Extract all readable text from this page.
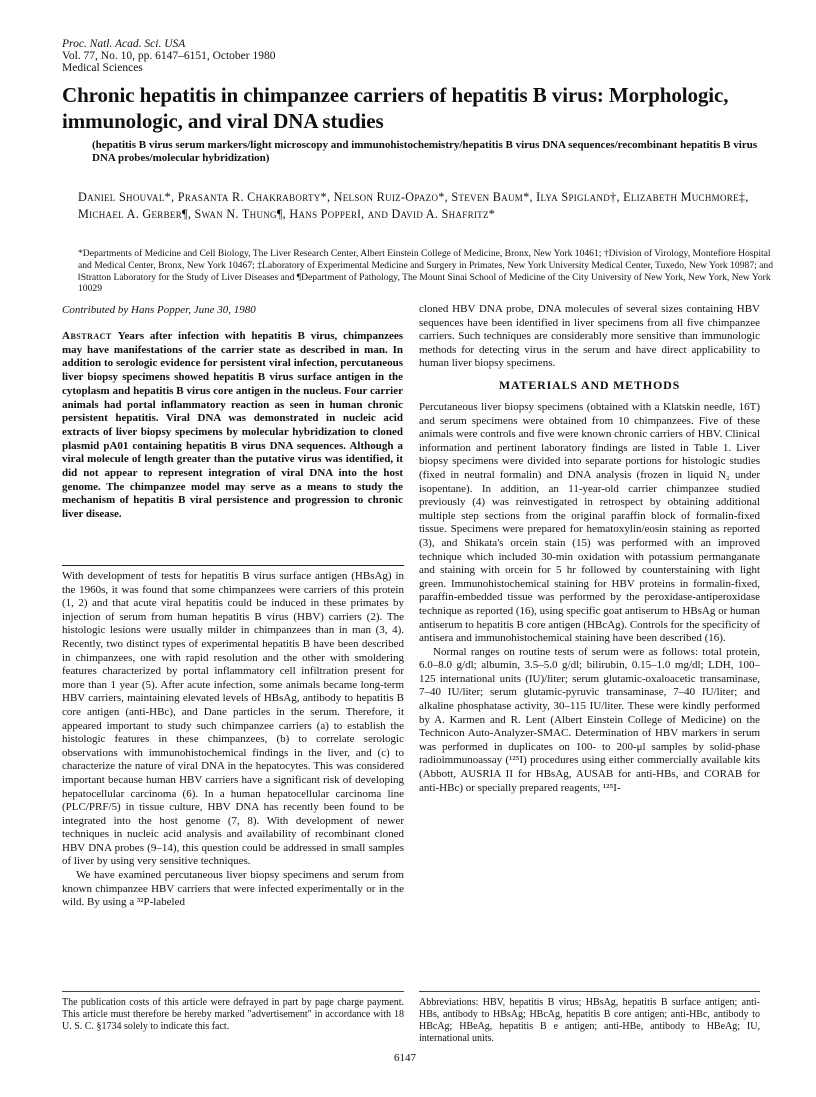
Proc. Natl. Acad. Sci. USA
Vol. 77, No. 10, pp. 6147–6151, October 1980
Medical Sciences
Chronic hepatitis in chimpanzee carriers of hepatitis B virus: Morphologic, immunologic, and viral DNA studies
(hepatitis B virus serum markers/light microscopy and immunohistochemistry/hepatitis B virus DNA sequences/recombinant hepatitis B virus DNA probes/molecular hybridization)
Daniel Shouval*, Prasanta R. Chakraborty*, Nelson Ruiz-Opazo*, Steven Baum*, Ilya Spigland†, Elizabeth Muchmore‡, Michael A. Gerber¶, Swan N. Thung¶, Hans Popper‖, and David A. Shafritz*
*Departments of Medicine and Cell Biology, The Liver Research Center, Albert Einstein College of Medicine, Bronx, New York 10461; †Division of Virology, Montefiore Hospital and Medical Center, Bronx, New York 10467; ‡Laboratory of Experimental Medicine and Surgery in Primates, New York University Medical Center, Tuxedo, New York 10987; and ‖Stratton Laboratory for the Study of Liver Diseases and ¶Department of Pathology, The Mount Sinai School of Medicine of the City University of New York, New York, New York 10029
Contributed by Hans Popper, June 30, 1980
Abstract Years after infection with hepatitis B virus, chimpanzees may have manifestations of the carrier state as described in man. In addition to serologic evidence for persistent viral infection, percutaneous liver biopsy specimens showed hepatitis B virus surface antigen in the cytoplasm and hepatitis B virus core antigen in the nucleus. Four carrier animals had portal inflammatory reaction as seen in human chronic persistent hepatitis. Viral DNA was demonstrated in nucleic acid extracts of liver biopsy specimens by molecular hybridization to cloned plasmid pA01 containing hepatitis B virus DNA sequences. Although a viral molecule of length greater than the putative virus was identified, it did not appear to represent integration of viral DNA into the host genome. The chimpanzee model may serve as a means to study the mechanism of hepatitis B viral persistence and progression to chronic liver disease.

With development of tests for hepatitis B virus surface antigen (HBsAg) in the 1960s, it was found that some chimpanzees were carriers of this protein (1, 2) and that acute viral hepatitis could be induced in these primates by injection of serum from human hepatitis B virus (HBV) carriers (2). The histologic lesions were usually milder in chimpanzees than in man (3, 4). Recently, two distinct types of experimental hepatitis B have been described in chimpanzees, one with rapid resolution and the other with smoldering features characterized by portal inflammatory cell infiltration present for more than 1 year (5). After acute infection, some animals became long-term HBV carriers, maintaining elevated levels of HBsAg, antibody to hepatitis B core antigen (anti-HBc), and Dane particles in the serum. Therefore, it appeared important to study such chimpanzee carriers (a) to establish the histologic features in these chimpanzees, (b) to correlate serologic observations with immunohistochemical findings in the liver, and (c) to characterize the nature of viral DNA in the hepatocytes. This was considered important because human HBV carriers have a significant risk of developing hepatocellular carcinoma (6). In a human hepatocellular carcinoma line (PLC/PRF/5) in tissue culture, HBV DNA has recently been found to be integrated into the host genome (7, 8). With development of newer techniques in nucleic acid analysis and availability of recombinant cloned HBV DNA probes (9–14), this question could be addressed in small samples of liver by using very sensitive techniques.

We have examined percutaneous liver biopsy specimens and serum from known chimpanzee HBV carriers that were infected experimentally or in the wild. By using a ³²P-labeled

cloned HBV DNA probe, DNA molecules of several sizes containing HBV sequences have been identified in liver specimens from all five chimpanzee carriers. Such techniques are considerably more sensitive than immunologic methods for detecting virus in the serum and have direct applicability to human liver biopsy specimens.

MATERIALS AND METHODS

Percutaneous liver biopsy specimens (obtained with a Klatskin needle, 16T) and serum specimens were obtained from 10 chimpanzees. Five of these animals were controls and five were known chronic carriers of HBV. Clinical information and pertinent laboratory findings are listed in Table 1. Liver biopsy specimens were divided into separate portions for histologic studies (fixed in neutral formalin) and DNA analysis (frozen in liquid N₂ under isopentane). In addition, an 11-year-old carrier chimpanzee studied previously (4) was reinvestigated in retrospect by obtaining additional multiple step sections from the original paraffin block of formalin-fixed tissue. Specimens were prepared for hematoxylin/eosin staining as reported (3), and Shikata's orcein stain (15) was performed with an improved technique which included 30-min oxidation with potassium permanganate and staining with orcein for 5 hr followed by counterstaining with light green. Immunohistochemical staining for HBV proteins in formalin-fixed, paraffin-embedded tissue was performed by the peroxidase-antiperoxidase technique as reported (16), using specific goat antiserum to HBsAg or human antiserum to hepatitis B core antigen (HBcAg). Controls for the specificity of antisera and immunohistochemical staining have been described (16).

Normal ranges on routine tests of serum were as follows: total protein, 6.0–8.0 g/dl; albumin, 3.5–5.0 g/dl; bilirubin, 0.15–1.0 mg/dl; LDH, 100–125 international units (IU)/liter; serum glutamic-oxaloacetic transaminase, 7–40 IU/liter; serum glutamic-pyruvic transaminase, 7–40 IU/liter; and alkaline phosphatase activity, 30–115 IU/liter. These were kindly performed by A. Karmen and R. Lent (Albert Einstein College of Medicine) on the Technicon Auto-Analyzer-SMAC. Determination of HBV markers in serum was performed in duplicates on 100- to 200-μl samples by solid-phase radioimmunoassay (¹²⁵I) procedures using either commercially available kits (Abbott, AUSRIA II for HBsAg, AUSAB for anti-HBs, and CORAB for anti-HBc) or specially prepared reagents, ¹²⁵I-

The publication costs of this article were defrayed in part by page charge payment. This article must therefore be hereby marked "advertisement" in accordance with 18 U. S. C. §1734 solely to indicate this fact.
Abbreviations: HBV, hepatitis B virus; HBsAg, hepatitis B surface antigen; anti-HBs, antibody to HBsAg; HBcAg, hepatitis B core antigen; anti-HBc, antibody to HBcAg; HBeAg, hepatitis B e antigen; anti-HBe, antibody to HBeAg; IU, international units.
6147
